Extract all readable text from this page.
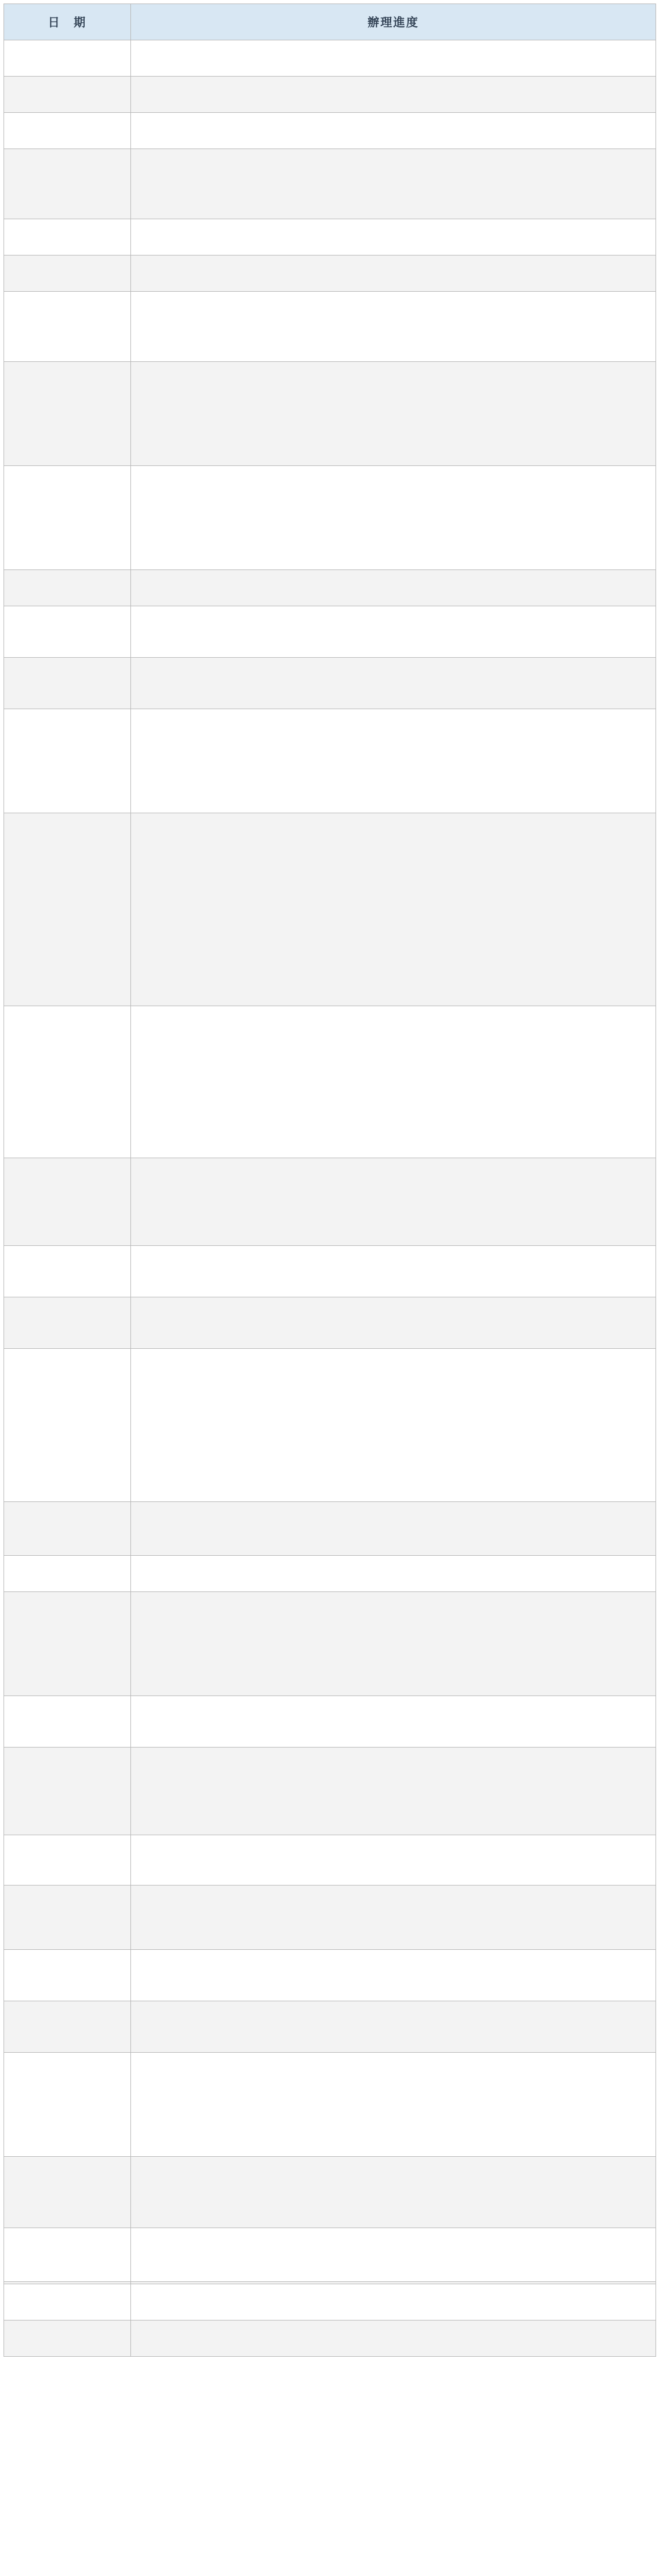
日　期	辦理進度
